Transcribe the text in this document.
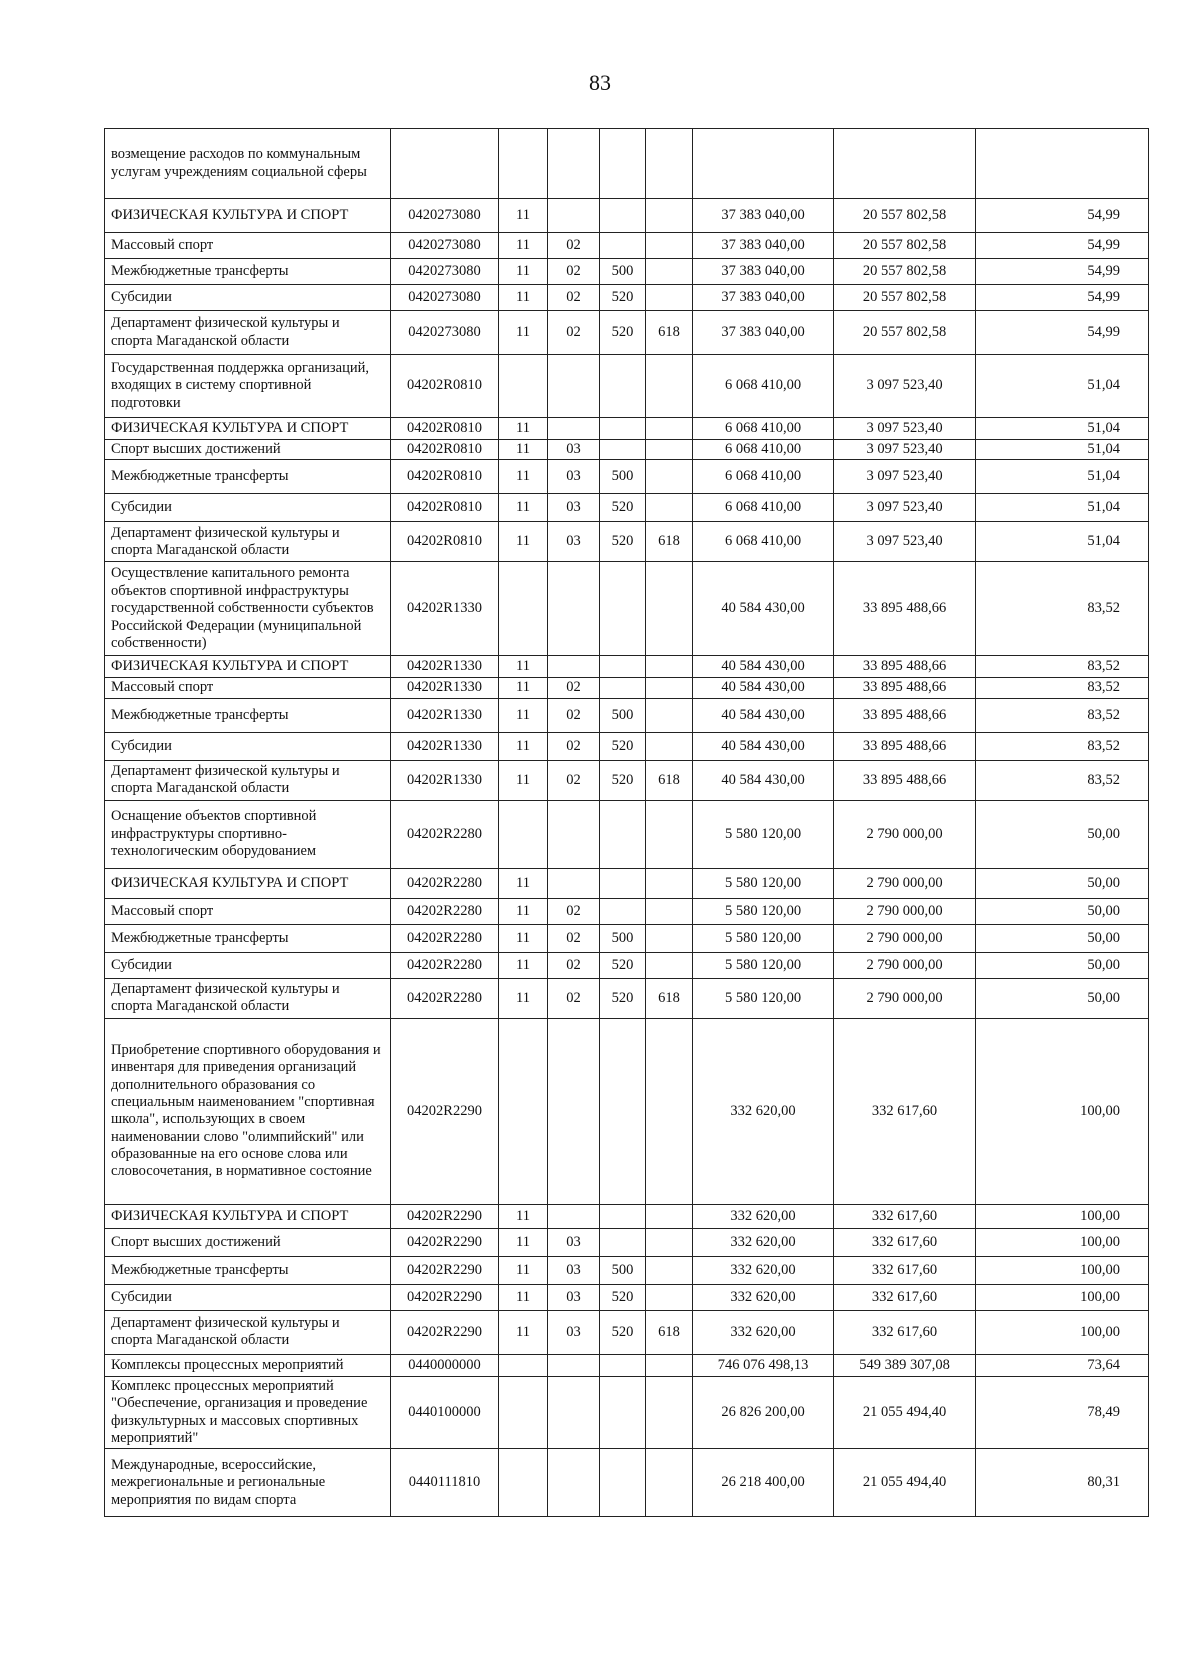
83
возмещение расходов по коммунальным услугам учреждениям социальной сферы								
ФИЗИЧЕСКАЯ КУЛЬТУРА И СПОРТ	0420273080	11				37 383 040,00	20 557 802,58	54,99
Массовый спорт	0420273080	11	02			37 383 040,00	20 557 802,58	54,99
Межбюджетные трансферты	0420273080	11	02	500		37 383 040,00	20 557 802,58	54,99
Субсидии	0420273080	11	02	520		37 383 040,00	20 557 802,58	54,99
Департамент физической культуры и спорта Магаданской области	0420273080	11	02	520	618	37 383 040,00	20 557 802,58	54,99
Государственная поддержка организаций, входящих в систему спортивной подготовки	04202R0810					6 068 410,00	3 097 523,40	51,04
ФИЗИЧЕСКАЯ КУЛЬТУРА И СПОРТ	04202R0810	11				6 068 410,00	3 097 523,40	51,04
Спорт высших достижений	04202R0810	11	03			6 068 410,00	3 097 523,40	51,04
Межбюджетные трансферты	04202R0810	11	03	500		6 068 410,00	3 097 523,40	51,04
Субсидии	04202R0810	11	03	520		6 068 410,00	3 097 523,40	51,04
Департамент физической культуры и спорта Магаданской области	04202R0810	11	03	520	618	6 068 410,00	3 097 523,40	51,04
Осуществление капитального ремонта объектов спортивной инфраструктуры государственной собственности субъектов Российской Федерации (муниципальной собственности)	04202R1330					40 584 430,00	33 895 488,66	83,52
ФИЗИЧЕСКАЯ КУЛЬТУРА И СПОРТ	04202R1330	11				40 584 430,00	33 895 488,66	83,52
Массовый спорт	04202R1330	11	02			40 584 430,00	33 895 488,66	83,52
Межбюджетные трансферты	04202R1330	11	02	500		40 584 430,00	33 895 488,66	83,52
Субсидии	04202R1330	11	02	520		40 584 430,00	33 895 488,66	83,52
Департамент физической культуры и спорта Магаданской области	04202R1330	11	02	520	618	40 584 430,00	33 895 488,66	83,52
Оснащение объектов спортивной инфраструктуры спортивно-технологическим оборудованием	04202R2280					5 580 120,00	2 790 000,00	50,00
ФИЗИЧЕСКАЯ КУЛЬТУРА И СПОРТ	04202R2280	11				5 580 120,00	2 790 000,00	50,00
Массовый спорт	04202R2280	11	02			5 580 120,00	2 790 000,00	50,00
Межбюджетные трансферты	04202R2280	11	02	500		5 580 120,00	2 790 000,00	50,00
Субсидии	04202R2280	11	02	520		5 580 120,00	2 790 000,00	50,00
Департамент физической культуры и спорта Магаданской области	04202R2280	11	02	520	618	5 580 120,00	2 790 000,00	50,00
Приобретение спортивного оборудования и инвентаря для приведения организаций дополнительного образования со специальным наименованием "спортивная школа", использующих в своем наименовании слово "олимпийский" или образованные на его основе слова или словосочетания, в нормативное состояние	04202R2290					332 620,00	332 617,60	100,00
ФИЗИЧЕСКАЯ КУЛЬТУРА И СПОРТ	04202R2290	11				332 620,00	332 617,60	100,00
Спорт высших достижений	04202R2290	11	03			332 620,00	332 617,60	100,00
Межбюджетные трансферты	04202R2290	11	03	500		332 620,00	332 617,60	100,00
Субсидии	04202R2290	11	03	520		332 620,00	332 617,60	100,00
Департамент физической культуры и спорта Магаданской области	04202R2290	11	03	520	618	332 620,00	332 617,60	100,00
Комплексы процессных мероприятий	0440000000					746 076 498,13	549 389 307,08	73,64
Комплекс процессных мероприятий "Обеспечение, организация и проведение физкультурных и массовых спортивных мероприятий"	0440100000					26 826 200,00	21 055 494,40	78,49
Международные, всероссийские, межрегиональные и региональные мероприятия по видам спорта	0440111810					26 218 400,00	21 055 494,40	80,31
